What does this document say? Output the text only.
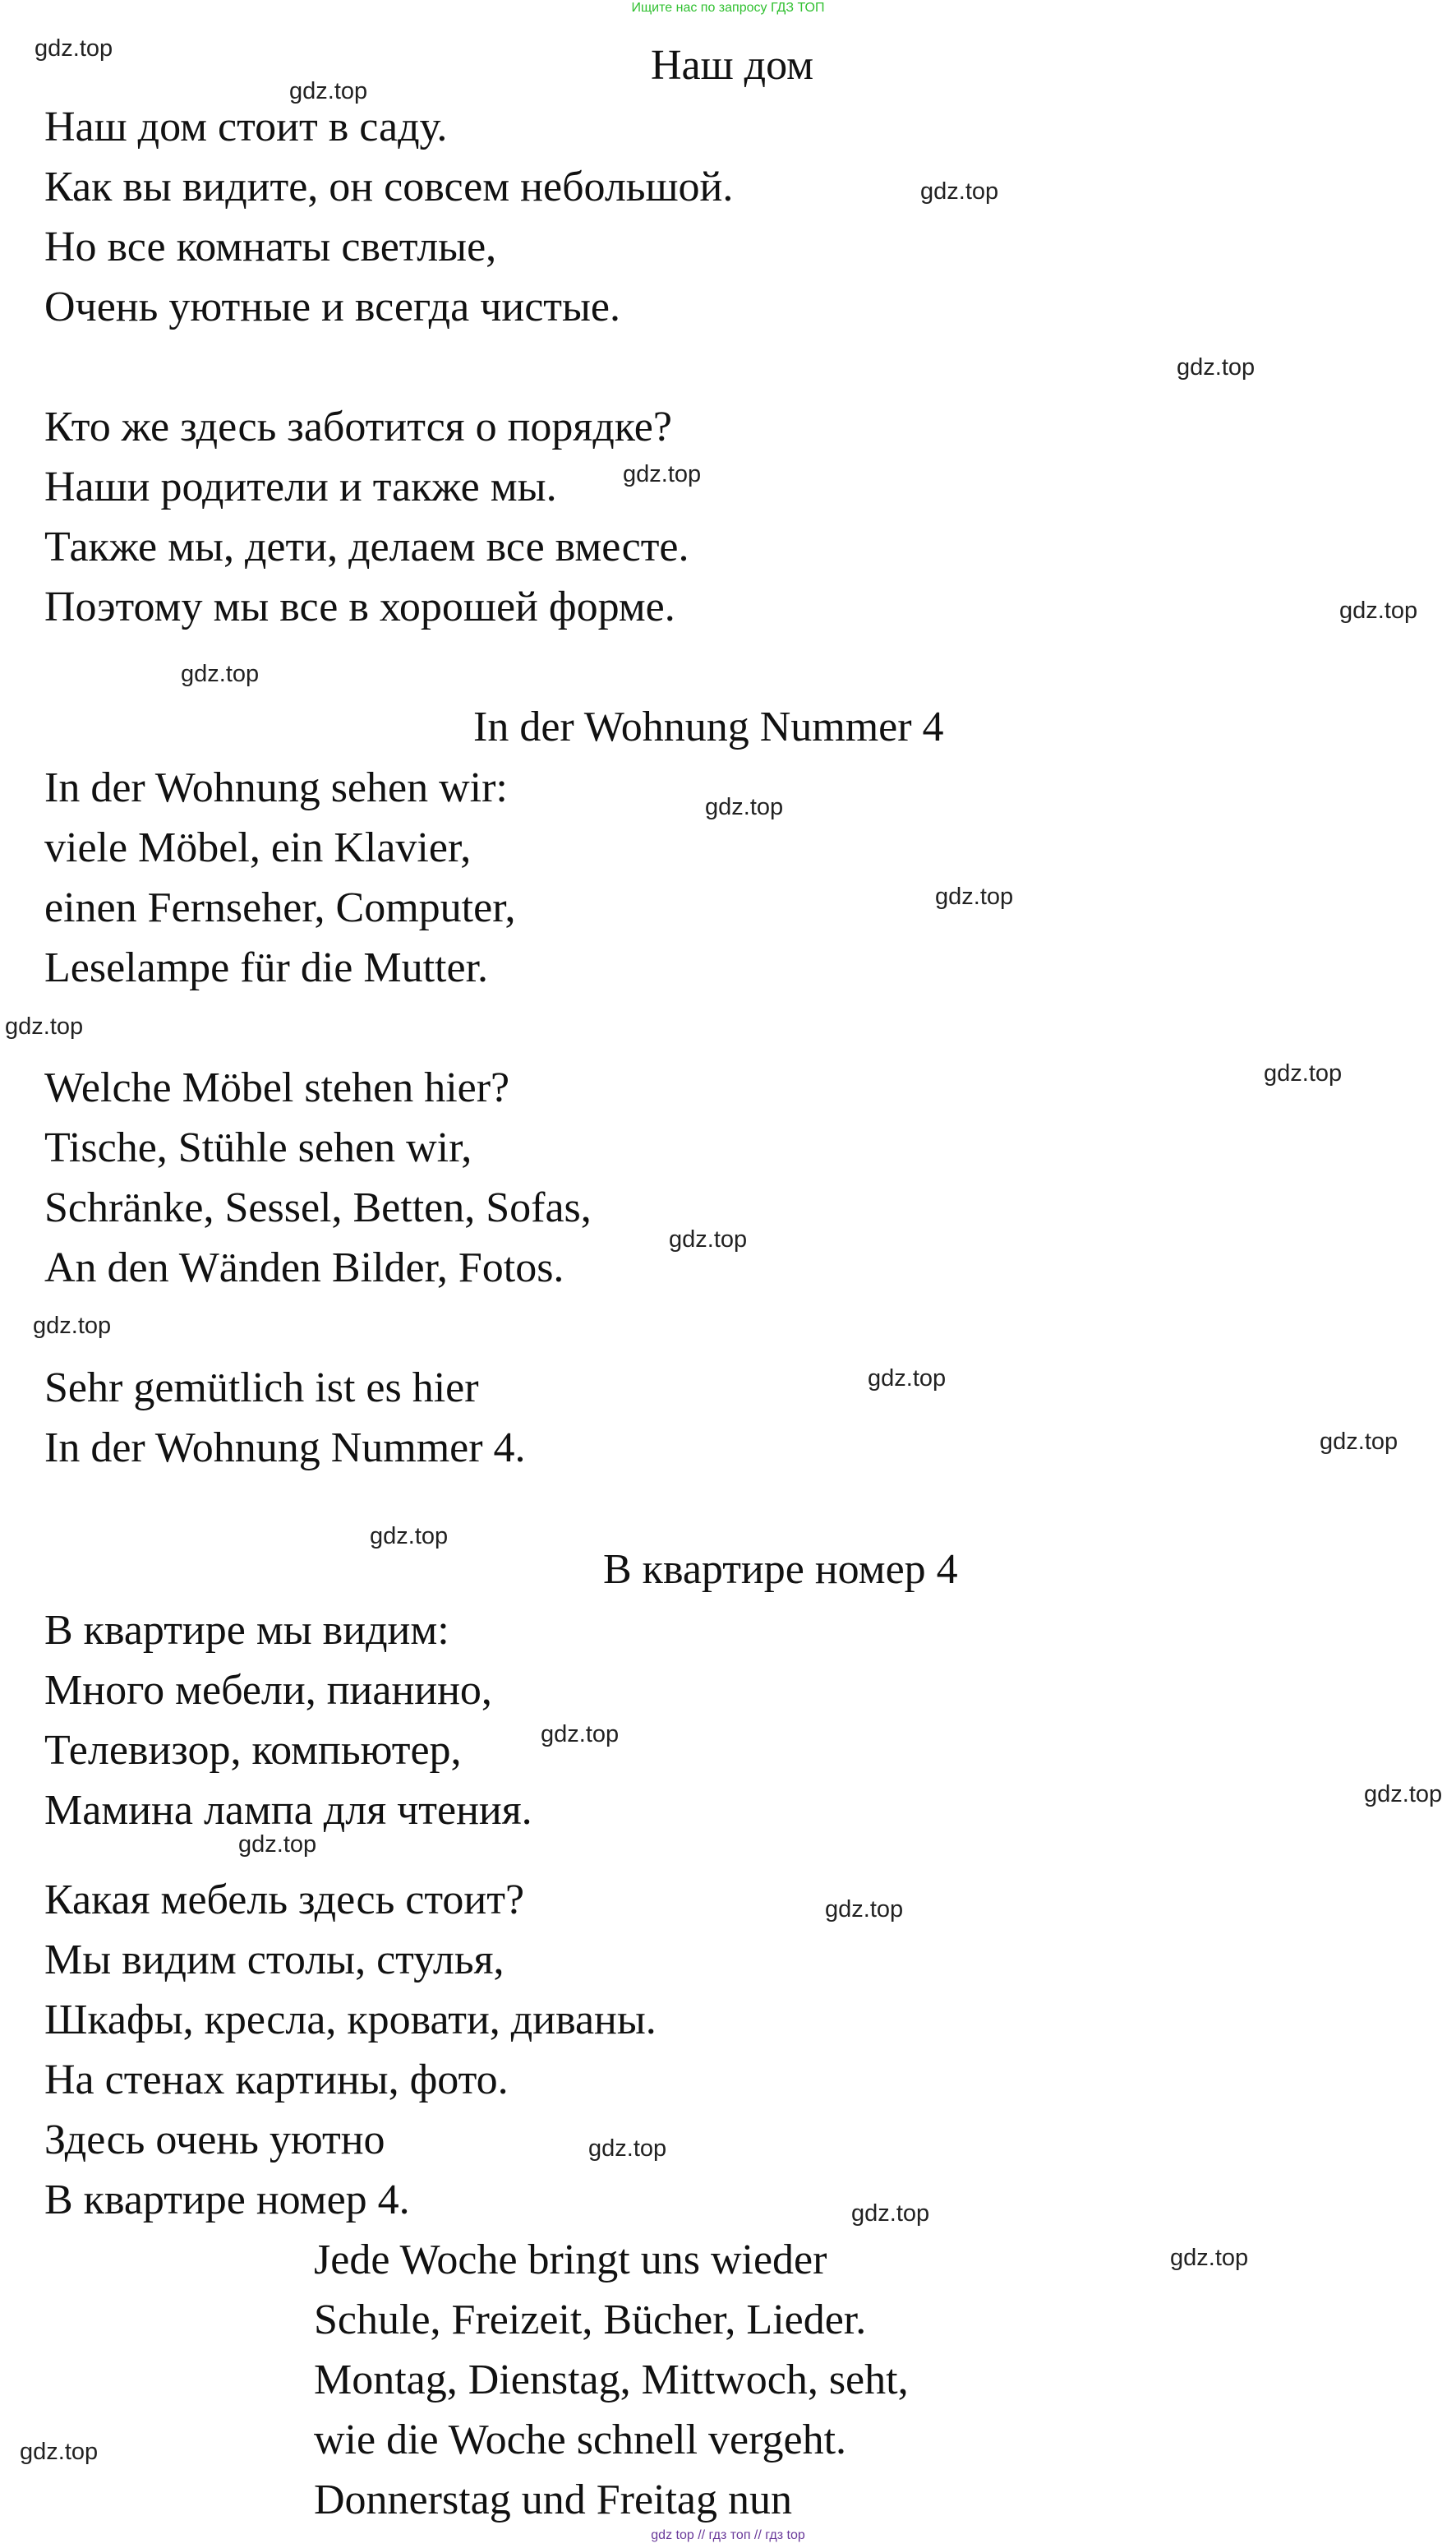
Ищите нас по запросу ГДЗ ТОП
Наш дом
Наш дом стоит в саду.
Как вы видите, он совсем небольшой.
Но все комнаты светлые,
Очень уютные и всегда чистые.
Кто же здесь заботится о порядке?
Наши родители и также мы.
Также мы, дети, делаем все вместе.
Поэтому мы все в хорошей форме.
In der Wohnung Nummer 4
In der Wohnung sehen wir:
viele Möbel, ein Klavier,
einen Fernseher, Computer,
Leselampe für die Mutter.
Welche Möbel stehen hier?
Tische, Stühle sehen wir,
Schränke, Sessel, Betten, Sofas,
An den Wänden Bilder, Fotos.
Sehr gemütlich ist es hier
In der Wohnung Nummer 4.
В квартире номер 4
В квартире мы видим:
Много мебели, пианино,
Телевизор, компьютер,
Мамина лампа для чтения.
Какая мебель здесь стоит?
Мы видим столы, стулья,
Шкафы, кресла, кровати, диваны.
На стенах картины, фото.
Здесь очень уютно
В квартире номер 4.
Jede Woche bringt uns wieder
Schule, Freizeit, Bücher, Lieder.
Montag, Dienstag, Mittwoch, seht,
wie die Woche schnell vergeht.
Donnerstag und Freitag nun
gdz.top
gdz.top
gdz.top
gdz.top
gdz.top
gdz.top
gdz.top
gdz.top
gdz.top
gdz.top
gdz.top
gdz.top
gdz.top
gdz.top
gdz.top
gdz.top
gdz.top
gdz.top
gdz.top
gdz.top
gdz.top
gdz.top
gdz.top
gdz.top
gdz top // гдз топ // гдз top
